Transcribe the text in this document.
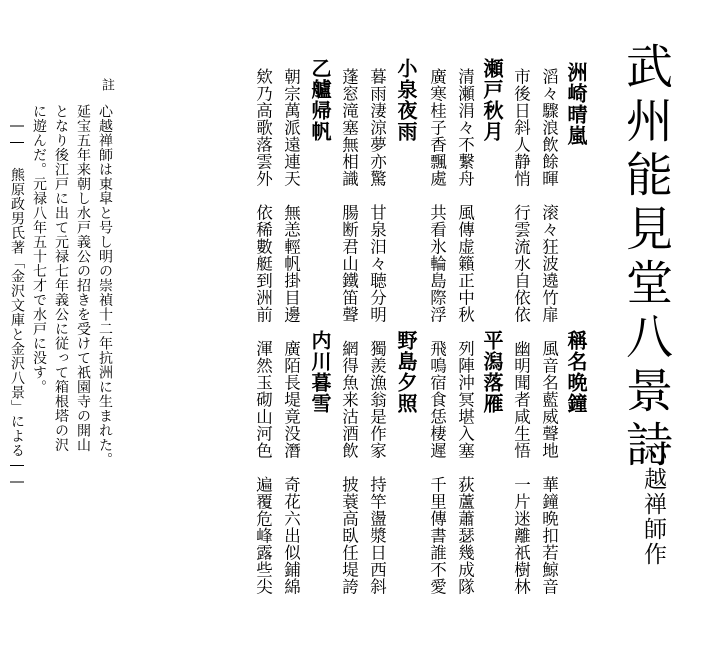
武州能見堂八景詩
心越禅師作
洲崎晴嵐
滔々驟浪飲餘暉　滚々狂波遶竹扉
市後日斜人静悄　行雲流水自依依
瀬戸秋月
清瀬涓々不繋舟　風傳虚籟正中秋
廣寒桂子香飄處　共看氷輪島際浮
小泉夜雨
暮雨淒涼夢亦驚　甘泉汨々聴分明
蓬窓滝塞無相識　腸断君山鐵笛聲
乙艫帰帆
朝宗萬派遠連天　無恙輕帆掛目邊
欸乃高歌落雲外　依稀數艇到洲前
稱名晩鐘
風音名藍威聲地　華鐘晩扣若鯨音
幽明聞者咸生悟　一片迷離祇樹林
平潟落雁
列陣沖冥堪入塞　荻蘆蕭瑟幾成隊
飛鳴宿食恁棲遲　千里傳書誰不愛
野島夕照
獨羨漁翁是作家　持竿盪漿日西斜
網得魚来沽酒飲　披蓑高臥任堤誇
内川暮雪
廣陌長堤竟没潛　奇花六出似鋪綿
渾然玉砌山河色　遍覆危峰露些尖
註
心越禅師は東皐と号し明の崇禎十二年抗洲に生まれた。
延宝五年来朝し水戸義公の招きを受けて祇園寺の開山
となり後江戸に出て元禄七年義公に従って箱根塔の沢
に遊んだ。元禄八年五十七才で水戸に没す。
―― 熊原政男氏著「金沢文庫と金沢八景」による――
